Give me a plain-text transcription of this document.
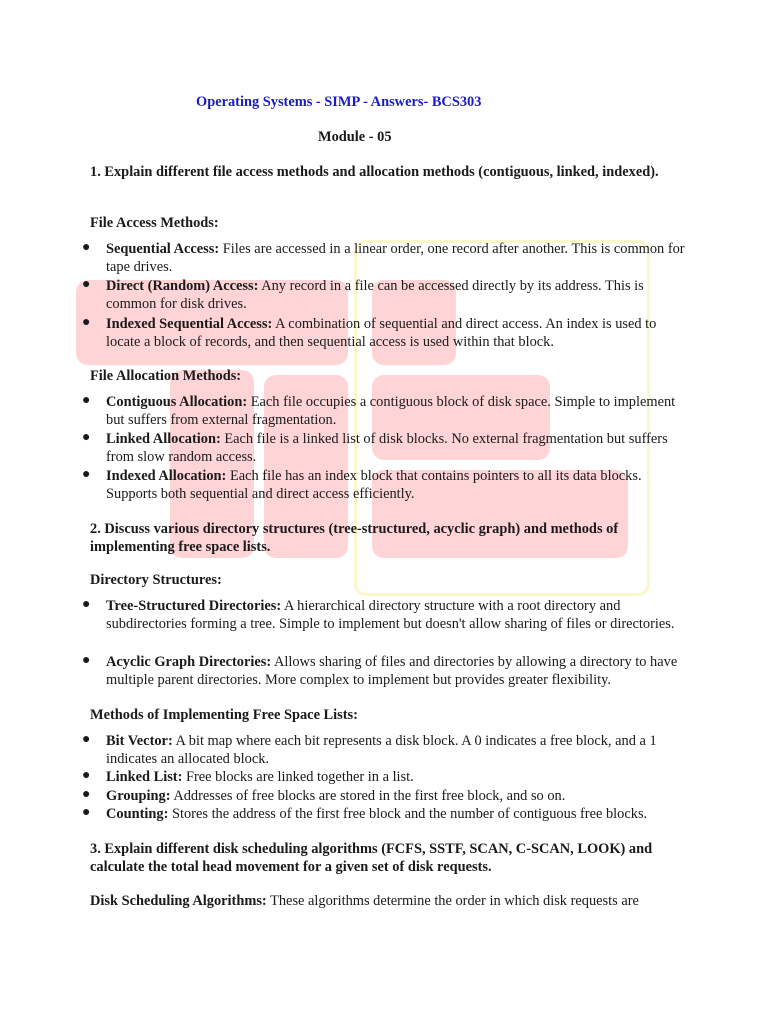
Operating Systems - SIMP - Answers- BCS303
Module - 05
1. Explain different file access methods and allocation methods (contiguous, linked, indexed).
File Access Methods:
● Sequential Access: Files are accessed in a linear order, one record after another. This is common for tape drives.
● Direct (Random) Access: Any record in a file can be accessed directly by its address. This is common for disk drives.
● Indexed Sequential Access: A combination of sequential and direct access. An index is used to locate a block of records, and then sequential access is used within that block.
File Allocation Methods:
● Contiguous Allocation: Each file occupies a contiguous block of disk space. Simple to implement but suffers from external fragmentation.
● Linked Allocation: Each file is a linked list of disk blocks. No external fragmentation but suffers from slow random access.
● Indexed Allocation: Each file has an index block that contains pointers to all its data blocks. Supports both sequential and direct access efficiently.
2. Discuss various directory structures (tree-structured, acyclic graph) and methods of implementing free space lists.
Directory Structures:
● Tree-Structured Directories: A hierarchical directory structure with a root directory and subdirectories forming a tree. Simple to implement but doesn't allow sharing of files or directories.
● Acyclic Graph Directories: Allows sharing of files and directories by allowing a directory to have multiple parent directories. More complex to implement but provides greater flexibility.
Methods of Implementing Free Space Lists:
● Bit Vector: A bit map where each bit represents a disk block. A 0 indicates a free block, and a 1 indicates an allocated block.
● Linked List: Free blocks are linked together in a list.
● Grouping: Addresses of free blocks are stored in the first free block, and so on.
● Counting: Stores the address of the first free block and the number of contiguous free blocks.
3. Explain different disk scheduling algorithms (FCFS, SSTF, SCAN, C-SCAN, LOOK) and calculate the total head movement for a given set of disk requests.
Disk Scheduling Algorithms: These algorithms determine the order in which disk requests are
